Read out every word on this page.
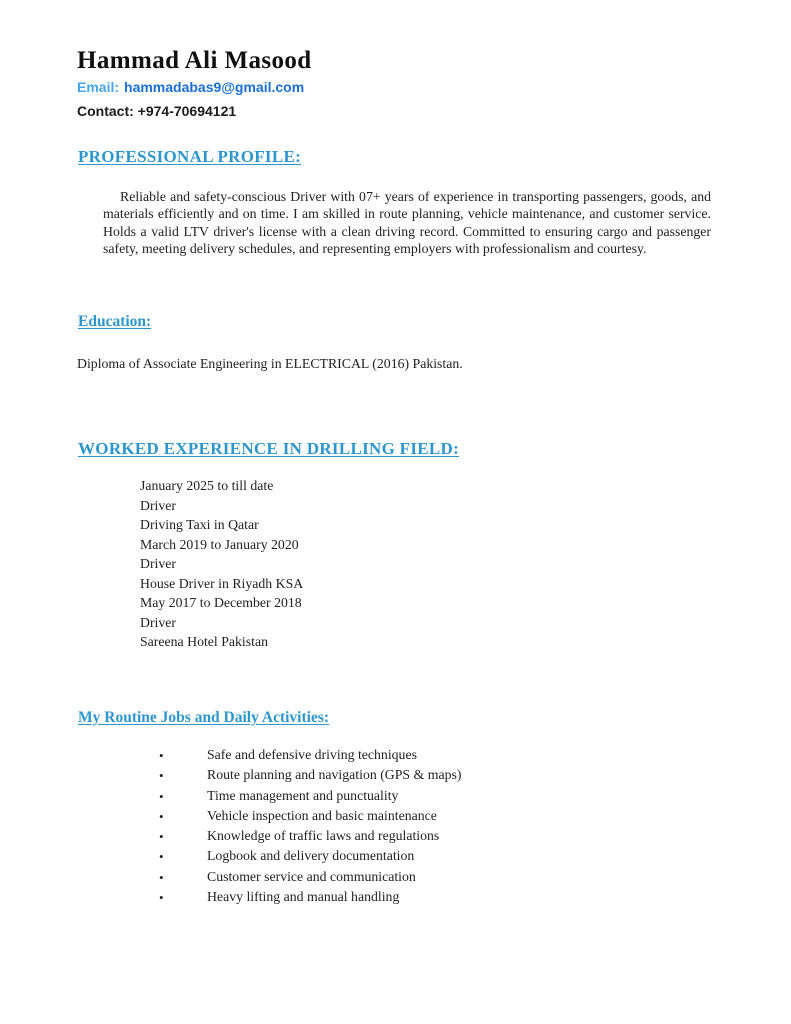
Hammad Ali Masood
Email: hammadabas9@gmail.com
Contact: +974-70694121
PROFESSIONAL PROFILE:
Reliable and safety-conscious Driver with 07+ years of experience in transporting passengers, goods, and materials efficiently and on time. I am skilled in route planning, vehicle maintenance, and customer service. Holds a valid LTV driver's license with a clean driving record. Committed to ensuring cargo and passenger safety, meeting delivery schedules, and representing employers with professionalism and courtesy.
Education:
Diploma of Associate Engineering in ELECTRICAL (2016) Pakistan.
WORKED EXPERIENCE IN DRILLING FIELD:
January 2025 to till date
Driver
Driving Taxi in Qatar
March 2019 to January 2020
Driver
House Driver in Riyadh KSA
May 2017 to December 2018
Driver
Sareena Hotel Pakistan
My Routine Jobs and Daily Activities:
•	Safe and defensive driving techniques
•	Route planning and navigation (GPS & maps)
•	Time management and punctuality
•	Vehicle inspection and basic maintenance
•	Knowledge of traffic laws and regulations
•	Logbook and delivery documentation
•	Customer service and communication
•	Heavy lifting and manual handling
